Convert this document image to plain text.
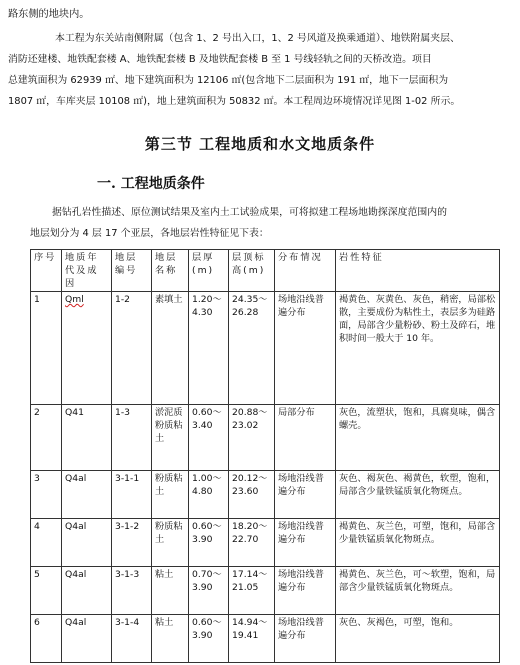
路东侧的地块内。
本工程为东关站南侧附属（包含 1、2 号出入口，1、2 号风道及换乘通道）、地铁附属夹层、
消防还建楼、地铁配套楼 A、地铁配套楼 B 及地铁配套楼 B 至 1 号线轻轨之间的天桥改造。项目
总建筑面积为 62939 ㎡、地下建筑面积为 12106 ㎡(包含地下二层面积为 191 ㎡，地下一层面积为
1807 ㎡，车库夹层 10108 ㎡)，地上建筑面积为 50832 ㎡。本工程周边环境情况详见图 1-02 所示。
第三节 工程地质和水文地质条件
一. 工程地质条件
据钻孔岩性描述、原位测试结果及室内土工试验成果，可将拟建工程场地勘探深度范围内的
地层划分为 4 层 17 个亚层，各地层岩性特征见下表：
序号	地质年代及成因	地层编号	地层名称	层厚(m)	层顶标高(m)	分布情况	岩性特征
1	Qml	1-2	素填土	1.20～4.30	24.35～26.28	场地沿线普遍分布	褐黄色、灰黄色、灰色，稍密，局部松散，主要成份为粘性土，表层多为硅路面，局部含少量粉砂、粉土及碎石，堆积时间一般大于 10 年。
2	Q41	1-3	淤泥质粉质粘土	0.60～3.40	20.88～23.02	局部分布	灰色，流塑状，饱和，具腐臭味，偶含螺壳。
3	Q4al	3-1-1	粉质粘土	1.00～4.80	20.12～23.60	场地沿线普遍分布	灰色、褐灰色、褐黄色，软塑，饱和，局部含少量铁锰质氧化物斑点。
4	Q4al	3-1-2	粉质粘土	0.60～3.90	18.20～22.70	场地沿线普遍分布	褐黄色、灰兰色，可塑，饱和，局部含少量铁锰质氧化物斑点。
5	Q4al	3-1-3	粘土	0.70～3.90	17.14～21.05	场地沿线普遍分布	褐黄色、灰兰色，可～软塑，饱和，局部含少量铁锰质氧化物斑点。
6	Q4al	3-1-4	粘土	0.60～3.90	14.94～19.41	场地沿线普遍分布	灰色、灰褐色，可塑，饱和。
